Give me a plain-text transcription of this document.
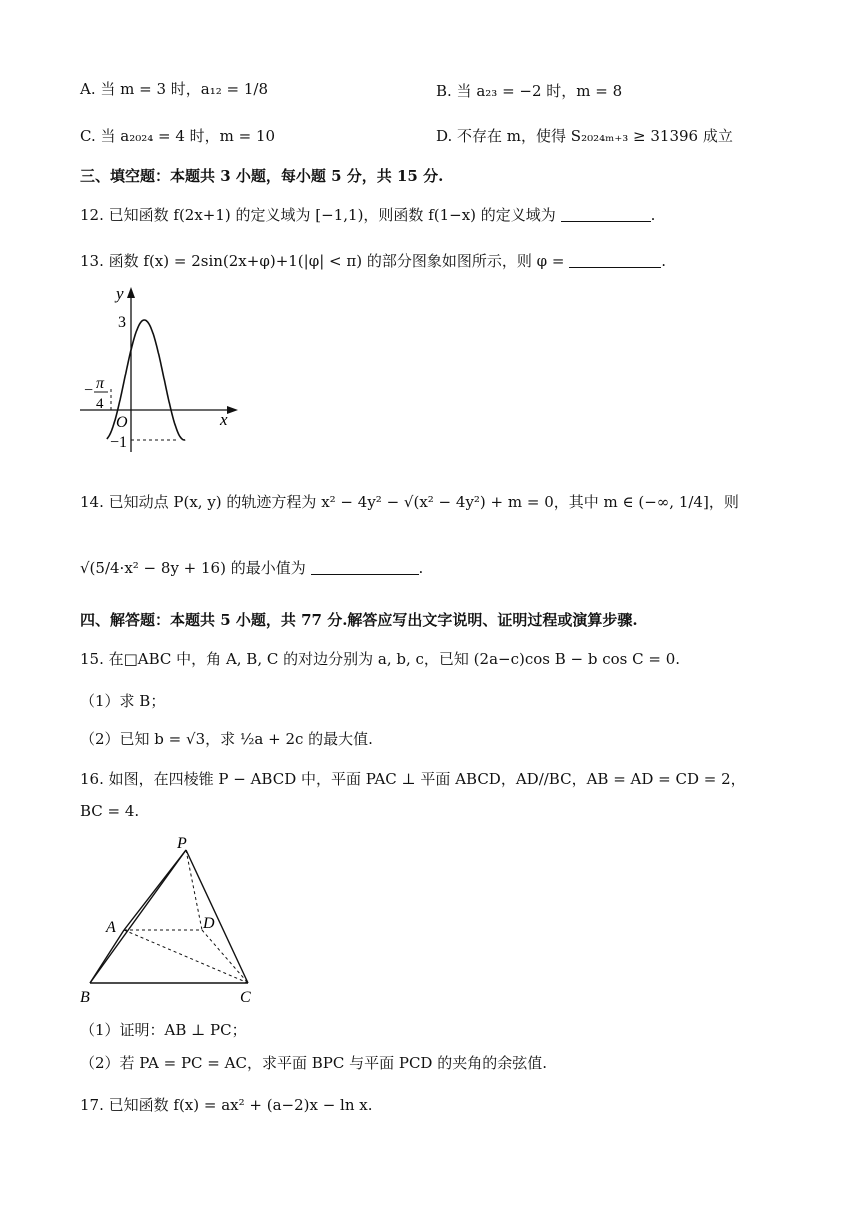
A. 当 m = 3 时，a₁₂ = 1/8	B. 当 a₂₃ = −2 时，m = 8
C. 当 a₂₀₂₄ = 4 时，m = 10	D. 不存在 m，使得 S₂₀₂₄ₘ₊₃ ≥ 31396 成立
三、填空题：本题共 3 小题，每小题 5 分，共 15 分.
12. 已知函数 f(2x+1) 的定义域为 [−1,1)，则函数 f(1−x) 的定义域为	.
13. 函数 f(x) = 2sin(2x+φ)+1(|φ| < π) 的部分图象如图所示，则 φ =	.
y
x
O
3
−1
− π
4
14. 已知动点 P(x, y) 的轨迹方程为 x² − 4y² − √(x² − 4y²) + m = 0，其中 m ∈ (−∞, 1/4]，则
√(5/4·x² − 8y + 16) 的最小值为	.
四、解答题：本题共 5 小题，共 77 分.解答应写出文字说明、证明过程或演算步骤.
15. 在□ABC 中，角 A, B, C 的对边分别为 a, b, c，已知 (2a−c)cos B − b cos C = 0.
（1）求 B；
（2）已知 b = √3，求 ½a + 2c 的最大值.
16. 如图，在四棱锥 P − ABCD 中，平面 PAC ⊥ 平面 ABCD，AD//BC，AB = AD = CD = 2，
BC = 4.
P
A	D
B	C
（1）证明：AB ⊥ PC；
（2）若 PA = PC = AC，求平面 BPC 与平面 PCD 的夹角的余弦值.
17. 已知函数 f(x) = ax² + (a−2)x − ln x.
